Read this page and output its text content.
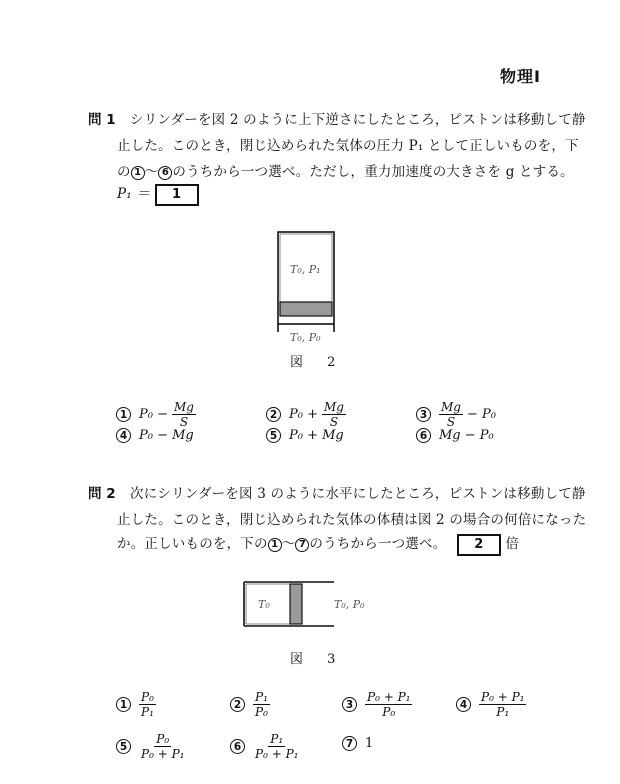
物理Ⅰ
問 1 シリンダーを図 2 のように上下逆さにしたところ，ピストンは移動して静
止した。このとき，閉じ込められた気体の圧力 P₁ として正しいものを，下
の 1 〜 6 のうちから一つ選べ。ただし，重力加速度の大きさを g とする。
P₁ ＝ 1
T₀, P₁
T₀, P₀
図 2
1 $P_0 - \frac{Mg}{S}$	2 $P_0 + \frac{Mg}{S}$	$3 \frac{Mg}{S} - P_0$
4 P₀ − Mg	5 P₀ + Mg	6 Mg − P₀
問 2 次にシリンダーを図 3 のように水平にしたところ，ピストンは移動して静
止した。このとき，閉じ込められた気体の体積は図 2 の場合の何倍になった
か。正しいものを，下の 1 〜 7 のうちから一つ選べ。 2 倍
T₀	T₀, P₀
図 3
$1 \frac{\text{P₀}}{\text{P₁}}$	$2 \frac{\text{P₁}}{\text{P₀}}$	$3 \frac{\text{P₀ + P₁}}{\text{P₀}}$	$4 \frac{\text{P₀ + P₁}}{\text{P₁}}$
$5 \frac{\text{P₀}}{\text{P₀ + P₁}}$	$6 \frac{\text{P₁}}{\text{P₀ + P₁}}$	7 1
